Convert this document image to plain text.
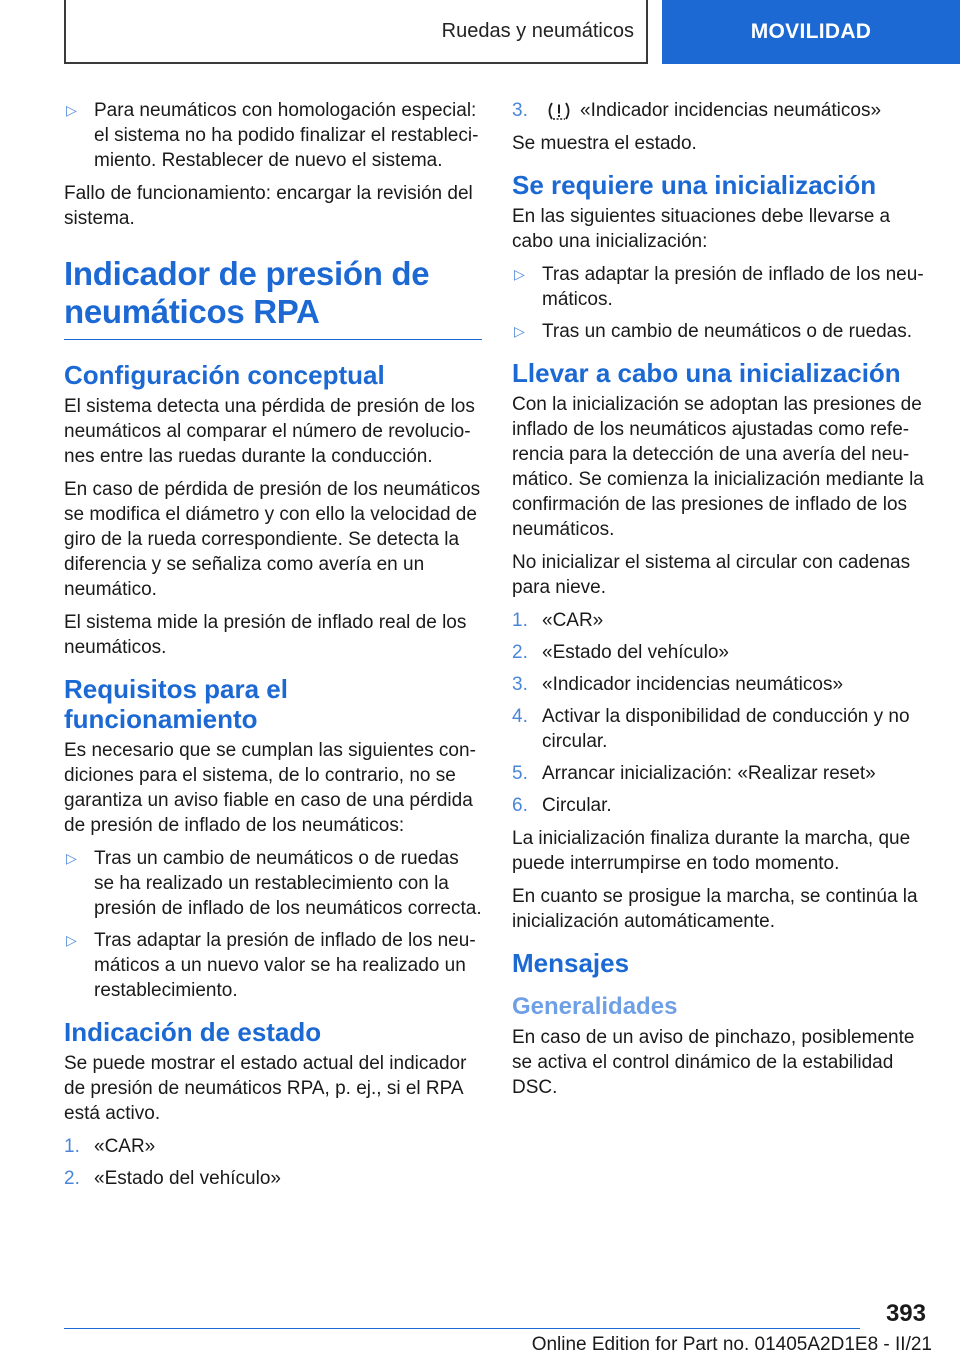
Ruedas y neumáticos	MOVILIDAD
▷ Para neumáticos con homologación especial: el sistema no ha podido finalizar el restablecimiento. Restablecer de nuevo el sistema.

Fallo de funcionamiento: encargar la revisión del sistema.

Indicador de presión de neumáticos RPA
Configuración conceptual

El sistema detecta una pérdida de presión de los neumáticos al comparar el número de revoluciones entre las ruedas durante la conducción.

En caso de pérdida de presión de los neumáticos se modifica el diámetro y con ello la velocidad de giro de la rueda correspondiente. Se detecta la diferencia y se señaliza como avería en un neumático.

El sistema mide la presión de inflado real de los neumáticos.

Requisitos para el funcionamiento

Es necesario que se cumplan las siguientes condiciones para el sistema, de lo contrario, no se garantiza un aviso fiable en caso de una pérdida de presión de inflado de los neumáticos:

▷ Tras un cambio de neumáticos o de ruedas se ha realizado un restablecimiento con la presión de inflado de los neumáticos correcta.
▷ Tras adaptar la presión de inflado de los neumáticos a un nuevo valor se ha realizado un restablecimiento.
Indicación de estado

Se puede mostrar el estado actual del indicador de presión de neumáticos RPA, p. ej., si el RPA está activo.

1. «CAR»
2. «Estado del vehículo»
3.	«Indicador incidencias neumáticos»

Se muestra el estado.

Se requiere una inicialización

En las siguientes situaciones debe llevarse a cabo una inicialización:

▷ Tras adaptar la presión de inflado de los neumáticos.
▷ Tras un cambio de neumáticos o de ruedas.
Llevar a cabo una inicialización

Con la inicialización se adoptan las presiones de inflado de los neumáticos ajustadas como referencia para la detección de una avería del neumático. Se comienza la inicialización mediante la confirmación de las presiones de inflado de los neumáticos.

No inicializar el sistema al circular con cadenas para nieve.

1. «CAR»
2. «Estado del vehículo»
3. «Indicador incidencias neumáticos»
4. Activar la disponibilidad de conducción y no circular.
5. Arrancar inicialización: «Realizar reset»
6. Circular.

La inicialización finaliza durante la marcha, que puede interrumpirse en todo momento.

En cuanto se prosigue la marcha, se continúa la inicialización automáticamente.

Mensajes
Generalidades

En caso de un aviso de pinchazo, posiblemente se activa el control dinámico de la estabilidad DSC.

393
Online Edition for Part no. 01405A2D1E8 - II/21
